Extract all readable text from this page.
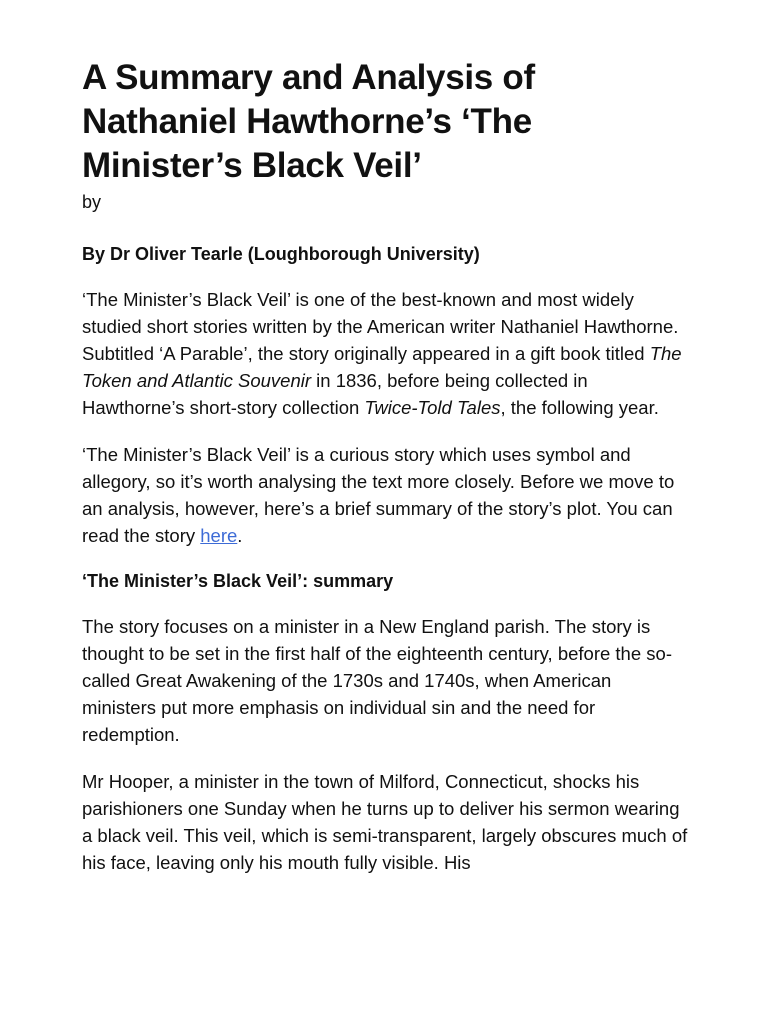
A Summary and Analysis of Nathaniel Hawthorne’s ‘The Minister’s Black Veil’
by
By Dr Oliver Tearle (Loughborough University)

‘The Minister’s Black Veil’ is one of the best-known and most widely studied short stories written by the American writer Nathaniel Hawthorne. Subtitled ‘A Parable’, the story originally appeared in a gift book titled The Token and Atlantic Souvenir in 1836, before being collected in Hawthorne’s short-story collection Twice-Told Tales, the following year.

‘The Minister’s Black Veil’ is a curious story which uses symbol and allegory, so it’s worth analysing the text more closely. Before we move to an analysis, however, here’s a brief summary of the story’s plot. You can read the story here.

‘The Minister’s Black Veil’: summary

The story focuses on a minister in a New England parish. The story is thought to be set in the first half of the eighteenth century, before the so-called Great Awakening of the 1730s and 1740s, when American ministers put more emphasis on individual sin and the need for redemption.

Mr Hooper, a minister in the town of Milford, Connecticut, shocks his parishioners one Sunday when he turns up to deliver his sermon wearing a black veil. This veil, which is semi-transparent, largely obscures much of his face, leaving only his mouth fully visible. His
